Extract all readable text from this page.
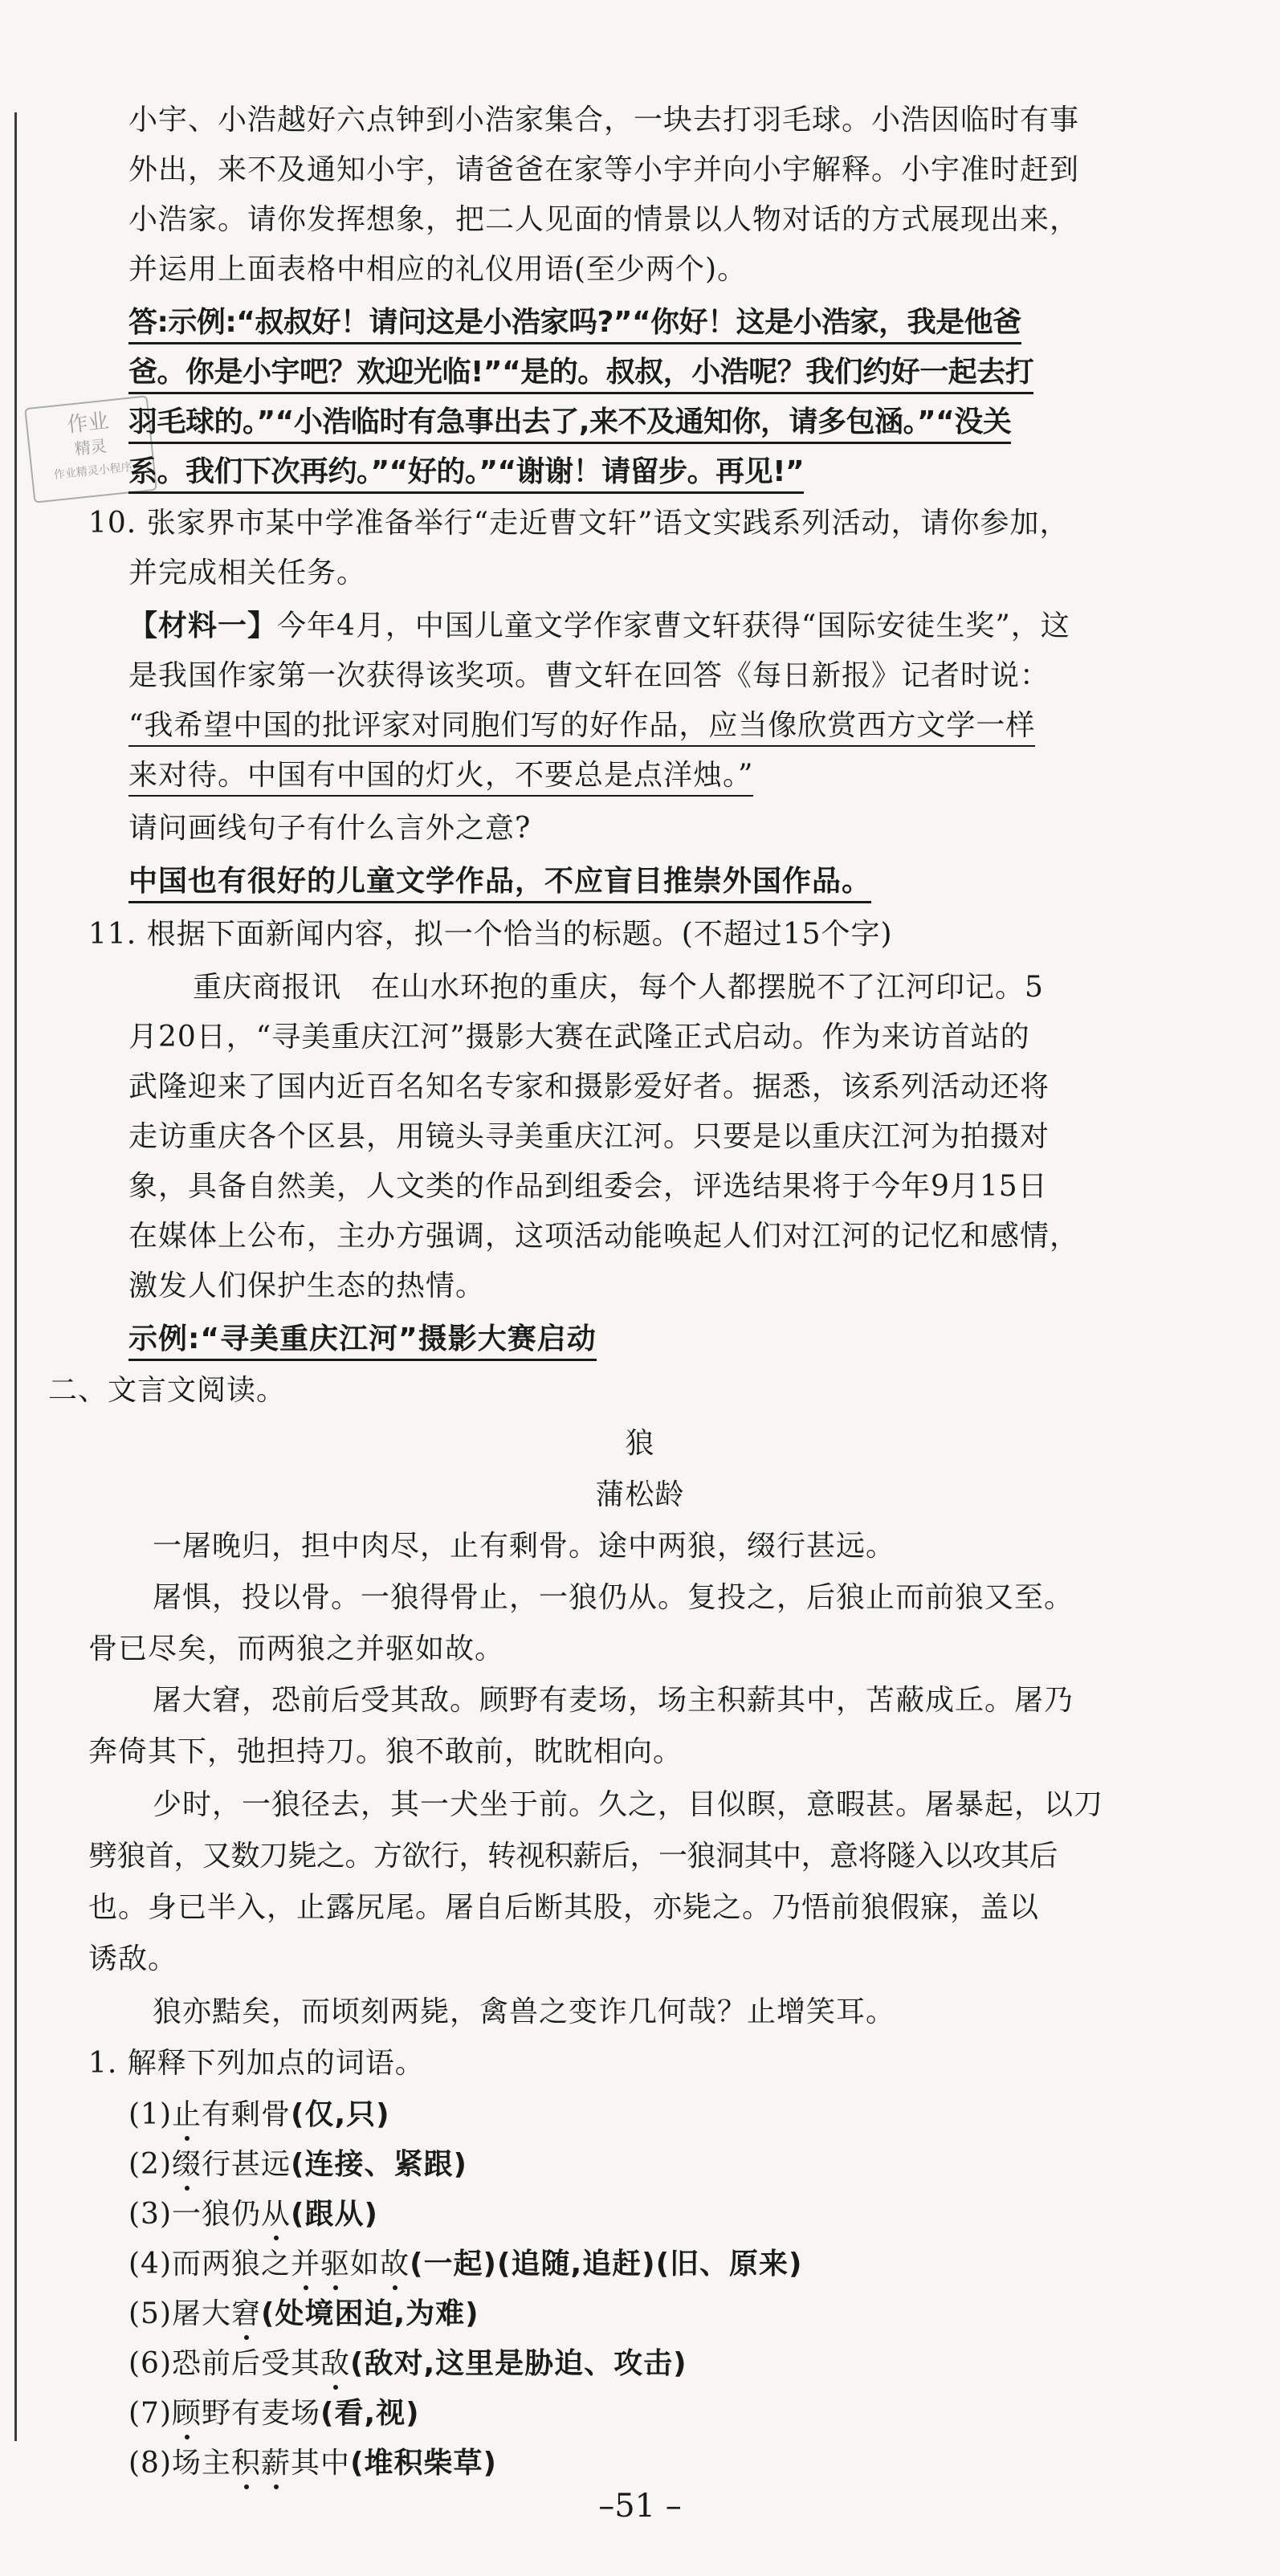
作业
精灵
作业精灵小程序
小宇、小浩越好六点钟到小浩家集合，一块去打羽毛球。小浩因临时有事
外出，来不及通知小宇，请爸爸在家等小宇并向小宇解释。小宇准时赶到
小浩家。请你发挥想象，把二人见面的情景以人物对话的方式展现出来，
并运用上面表格中相应的礼仪用语(至少两个)。
答:示例:“叔叔好！请问这是小浩家吗?”“你好！这是小浩家，我是他爸
爸。你是小宇吧？欢迎光临!”“是的。叔叔，小浩呢？我们约好一起去打
羽毛球的。”“小浩临时有急事出去了,来不及通知你，请多包涵。”“没关
系。我们下次再约。”“好的。”“谢谢！请留步。再见!”
10. 张家界市某中学准备举行“走近曹文轩”语文实践系列活动，请你参加，
并完成相关任务。
【材料一】今年4月，中国儿童文学作家曹文轩获得“国际安徒生奖”，这
是我国作家第一次获得该奖项。曹文轩在回答《每日新报》记者时说：
“我希望中国的批评家对同胞们写的好作品，应当像欣赏西方文学一样
来对待。中国有中国的灯火，不要总是点洋烛。”
请问画线句子有什么言外之意?
中国也有很好的儿童文学作品，不应盲目推崇外国作品。
11. 根据下面新闻内容，拟一个恰当的标题。(不超过15个字)
重庆商报讯　在山水环抱的重庆，每个人都摆脱不了江河印记。5
月20日，“寻美重庆江河”摄影大赛在武隆正式启动。作为来访首站的
武隆迎来了国内近百名知名专家和摄影爱好者。据悉，该系列活动还将
走访重庆各个区县，用镜头寻美重庆江河。只要是以重庆江河为拍摄对
象，具备自然美，人文类的作品到组委会，评选结果将于今年9月15日
在媒体上公布，主办方强调，这项活动能唤起人们对江河的记忆和感情，
激发人们保护生态的热情。
示例:“寻美重庆江河”摄影大赛启动
二、文言文阅读。
狼
蒲松龄
一屠晚归，担中肉尽，止有剩骨。途中两狼，缀行甚远。
屠惧，投以骨。一狼得骨止，一狼仍从。复投之，后狼止而前狼又至。
骨已尽矣，而两狼之并驱如故。
屠大窘，恐前后受其敌。顾野有麦场，场主积薪其中，苫蔽成丘。屠乃
奔倚其下，弛担持刀。狼不敢前，眈眈相向。
少时，一狼径去，其一犬坐于前。久之，目似瞑，意暇甚。屠暴起，以刀
劈狼首，又数刀毙之。方欲行，转视积薪后，一狼洞其中，意将隧入以攻其后
也。身已半入，止露尻尾。屠自后断其股，亦毙之。乃悟前狼假寐，盖以
诱敌。
狼亦黠矣，而顷刻两毙，禽兽之变诈几何哉？止增笑耳。
1. 解释下列加点的词语。
(1)止有剩骨(仅,只)
(2)缀行甚远(连接、紧跟)
(3)一狼仍从(跟从)
(4)而两狼之并驱如故(一起)(追随,追赶)(旧、原来)
(5)屠大窘(处境困迫,为难)
(6)恐前后受其敌(敌对,这里是胁迫、攻击)
(7)顾野有麦场(看,视)
(8)场主积薪其中(堆积柴草)
–51 –
